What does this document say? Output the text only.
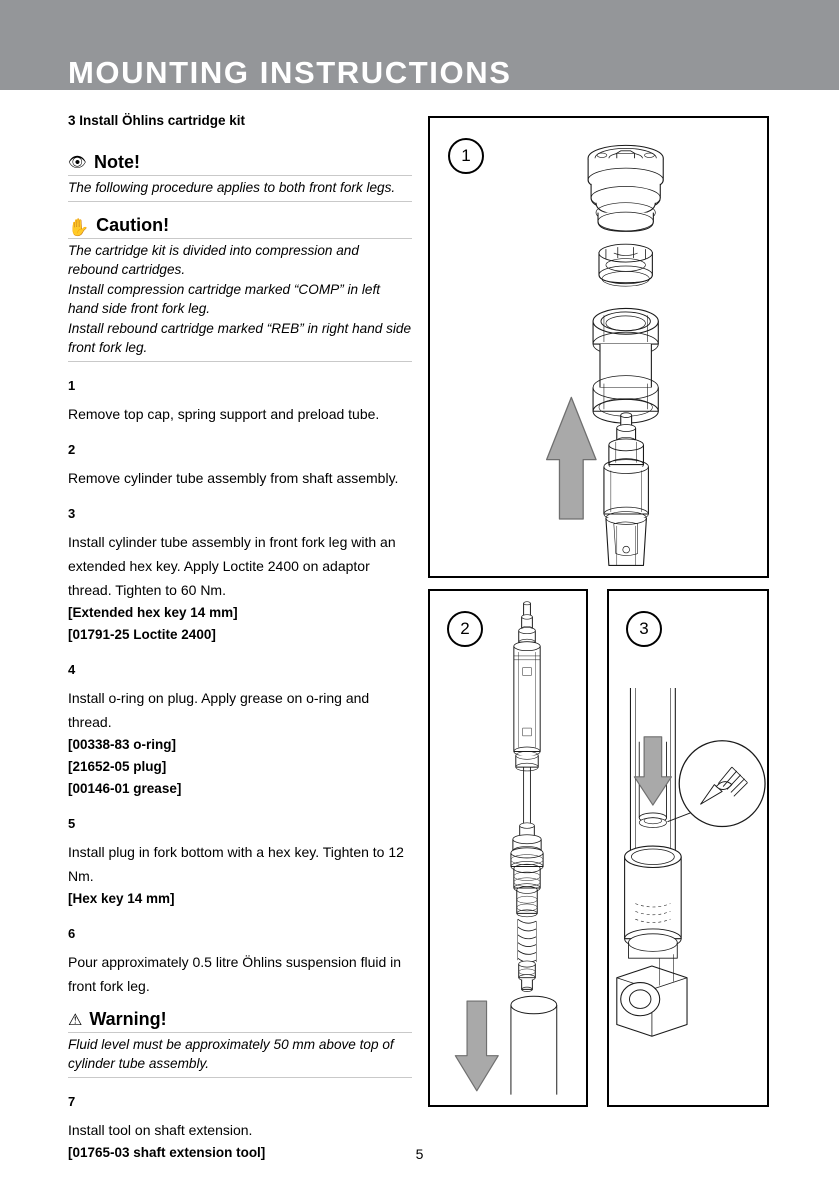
MOUNTING INSTRUCTIONS
3 Install Öhlins cartridge kit
👁 Note!

The following procedure applies to both front fork legs.

✋ Caution!

The cartridge kit is divided into compression and rebound cartridges.

Install compression cartridge marked “COMP” in left hand side front fork leg.

Install rebound cartridge marked “REB” in right hand side front fork leg.

1
Remove top cap, spring support and preload tube.
2
Remove cylinder tube assembly from shaft assembly.
3
Install cylinder tube assembly in front fork leg with an extended hex key. Apply Loctite 2400 on adaptor thread. Tighten to 60 Nm.
[Extended hex key 14 mm]
[01791-25 Loctite 2400]
4
Install o-ring on plug. Apply grease on o-ring and thread.
[00338-83 o-ring]
[21652-05 plug]
[00146-01 grease]
5
Install plug in fork bottom with a hex key. Tighten to 12 Nm.
[Hex key 14 mm]
6
Pour approximately 0.5 litre Öhlins suspension fluid in front fork leg.
⚠ Warning!

Fluid level must be approximately 50 mm above top of cylinder tube assembly.

7
Install tool on shaft extension.
[01765-03 shaft extension tool]
1
2	3
5
